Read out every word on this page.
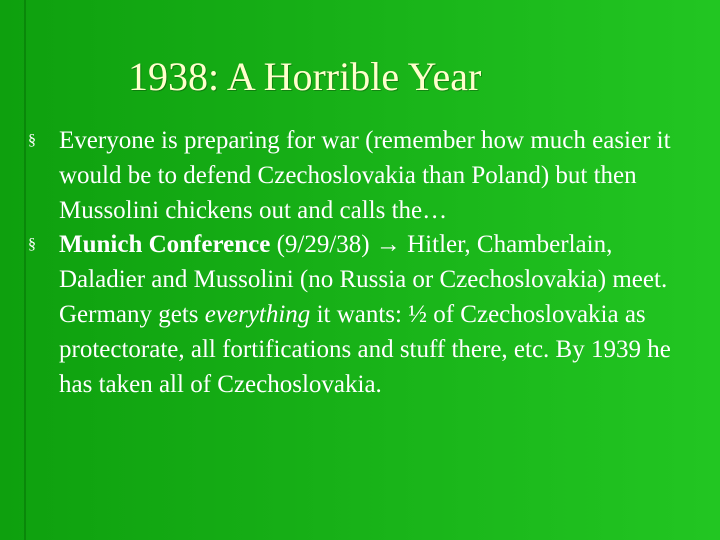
1938: A Horrible Year
§ Everyone is preparing for war (remember how much easier it would be to defend Czechoslovakia than Poland) but then Mussolini chickens out and calls the…
§ Munich Conference (9/29/38) → Hitler, Chamberlain, Daladier and Mussolini (no Russia or Czechoslovakia) meet. Germany gets everything it wants: ½ of Czechoslovakia as protectorate, all fortifications and stuff there, etc. By 1939 he has taken all of Czechoslovakia.
